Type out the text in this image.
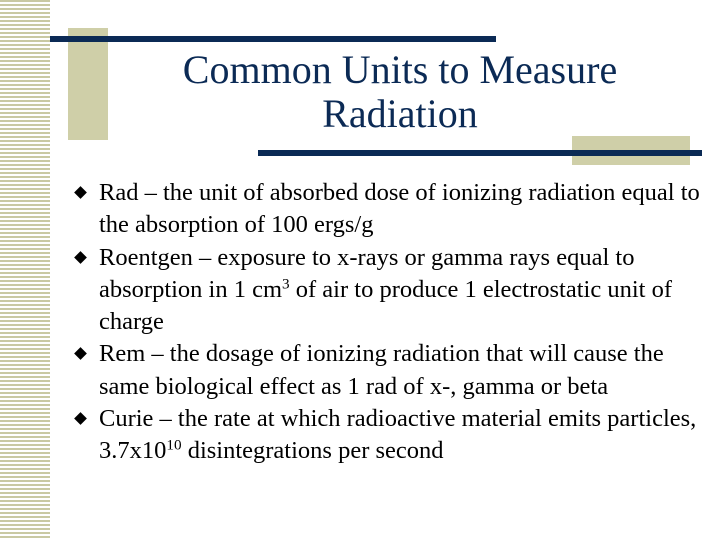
Common Units to Measure
Radiation
Rad – the unit of absorbed dose of ionizing radiation equal to the absorption of 100 ergs/g
Roentgen – exposure to x-rays or gamma rays equal to absorption in 1 $cm^3$ of air to produce 1 electrostatic unit of charge
Rem – the dosage of ionizing radiation that will cause the same biological effect as 1 rad of x-, gamma or beta
Curie – the rate at which radioactive material emits particles, $3.7x10^{10}$ disintegrations per second
